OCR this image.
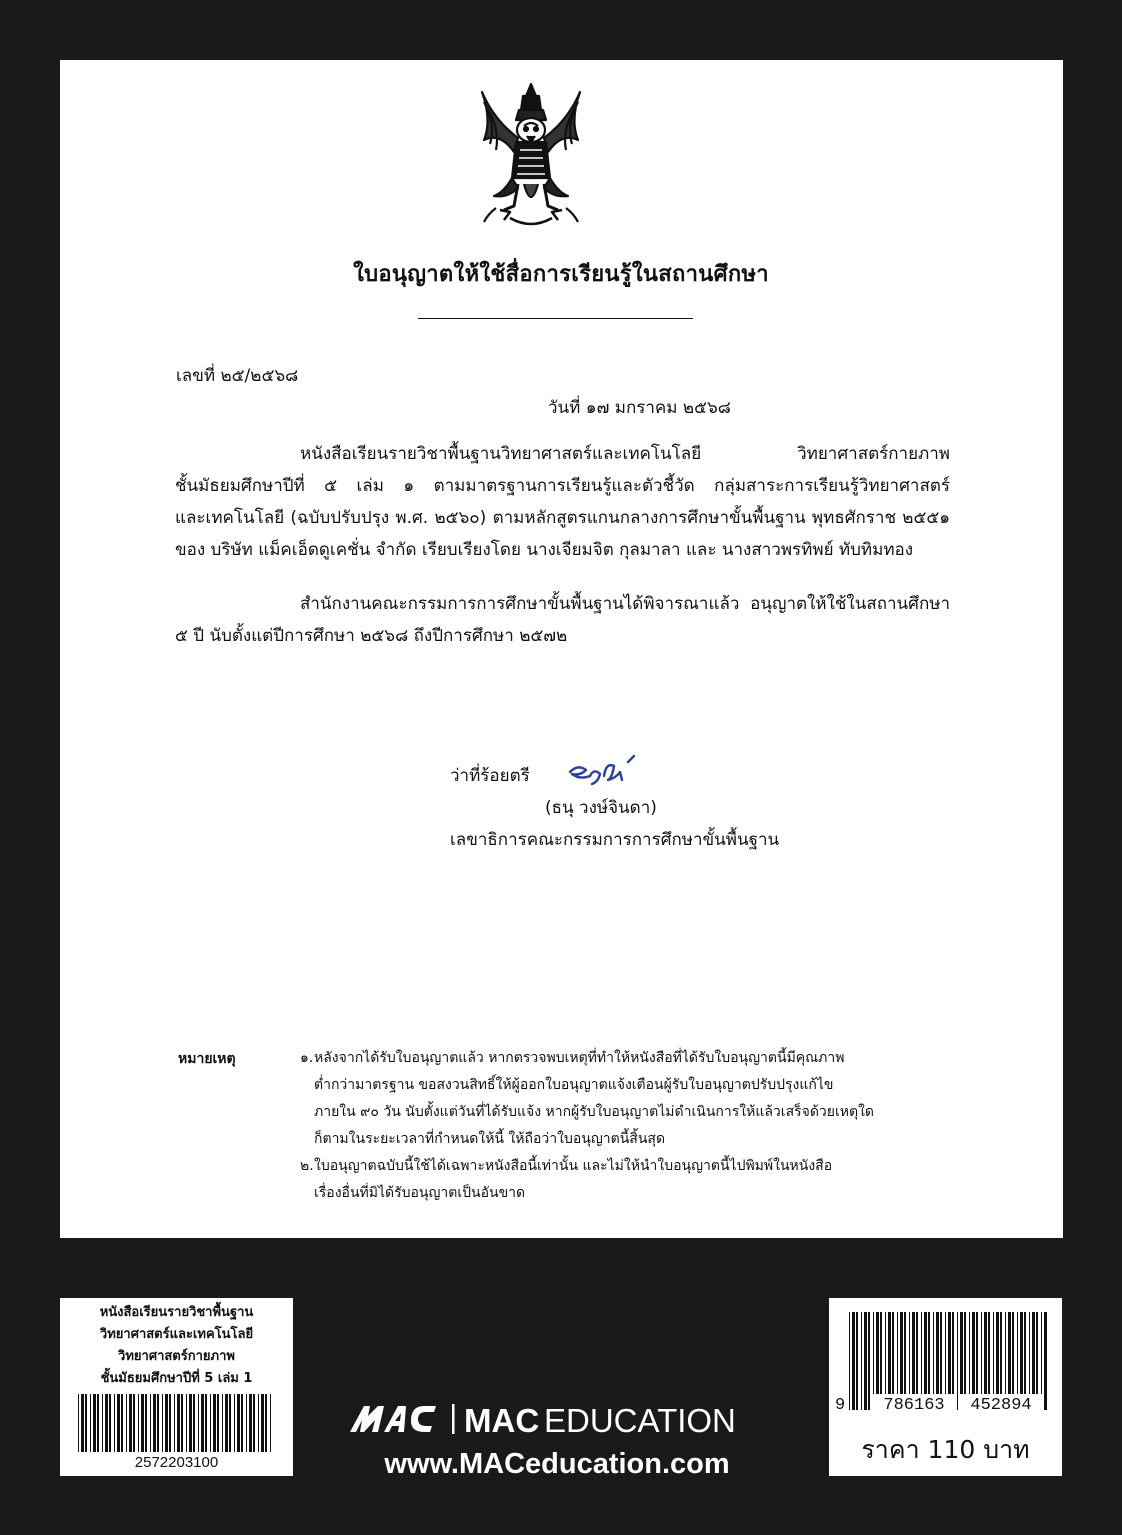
ใบอนุญาตให้ใช้สื่อการเรียนรู้ในสถานศึกษา
เลขที่ ๒๕/๒๕๖๘
วันที่ ๑๗ มกราคม ๒๕๖๘
หนังสือเรียนรายวิชาพื้นฐานวิทยาศาสตร์และเทคโนโลยี วิทยาศาสตร์กายภาพ
ชั้นมัธยมศึกษาปีที่ ๕ เล่ม ๑ ตามมาตรฐานการเรียนรู้และตัวชี้วัด กลุ่มสาระการเรียนรู้วิทยาศาสตร์
และเทคโนโลยี (ฉบับปรับปรุง พ.ศ. ๒๕๖๐) ตามหลักสูตรแกนกลางการศึกษาขั้นพื้นฐาน พุทธศักราช ๒๕๕๑
ของ บริษัท แม็คเอ็ดดูเคชั่น จำกัด เรียบเรียงโดย นางเจียมจิต กุลมาลา และ นางสาวพรทิพย์ ทับทิมทอง
สำนักงานคณะกรรมการการศึกษาขั้นพื้นฐานได้พิจารณาแล้ว อนุญาตให้ใช้ในสถานศึกษา
๕ ปี นับตั้งแต่ปีการศึกษา ๒๕๖๘ ถึงปีการศึกษา ๒๕๗๒
ว่าที่ร้อยตรี
(ธนุ วงษ์จินดา)
เลขาธิการคณะกรรมการการศึกษาขั้นพื้นฐาน
หมายเหตุ	๑. หลังจากได้รับใบอนุญาตแล้ว หากตรวจพบเหตุที่ทำให้หนังสือที่ได้รับใบอนุญาตนี้มีคุณภาพ
ต่ำกว่ามาตรฐาน ขอสงวนสิทธิ์ให้ผู้ออกใบอนุญาตแจ้งเตือนผู้รับใบอนุญาตปรับปรุงแก้ไข
ภายใน ๙๐ วัน นับตั้งแต่วันที่ได้รับแจ้ง หากผู้รับใบอนุญาตไม่ดำเนินการให้แล้วเสร็จด้วยเหตุใด
ก็ตามในระยะเวลาที่กำหนดให้นี้ ให้ถือว่าใบอนุญาตนี้สิ้นสุด
๒. ใบอนุญาตฉบับนี้ใช้ได้เฉพาะหนังสือนี้เท่านั้น และไม่ให้นำใบอนุญาตนี้ไปพิมพ์ในหนังสือ
เรื่องอื่นที่มิได้รับอนุญาตเป็นอันขาด
หนังสือเรียนรายวิชาพื้นฐาน
วิทยาศาสตร์และเทคโนโลยี
วิทยาศาสตร์กายภาพ
ชั้นมัธยมศึกษาปีที่ 5 เล่ม 1
2572203100
MAC EDUCATION
www.MACeducation.com
9	786163	452894
ราคา 110 บาท
